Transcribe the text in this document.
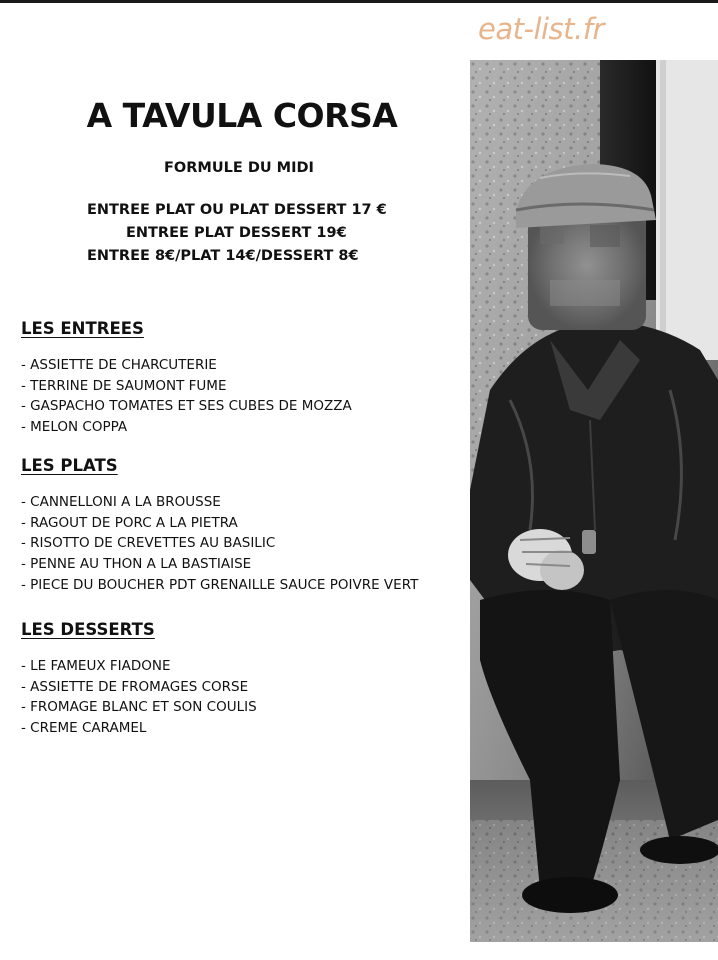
eat-list.fr
A TAVULA CORSA
FORMULE DU MIDI
ENTREE PLAT OU PLAT DESSERT 17 €
ENTREE PLAT DESSERT 19€
ENTREE 8€/PLAT 14€/DESSERT 8€
LES ENTREES
- ASSIETTE DE CHARCUTERIE
- TERRINE DE SAUMONT FUME
- GASPACHO TOMATES ET SES CUBES DE MOZZA
- MELON COPPA
LES PLATS
- CANNELLONI A LA BROUSSE
- RAGOUT DE PORC A LA PIETRA
- RISOTTO DE CREVETTES AU BASILIC
- PENNE AU THON A LA BASTIAISE
- PIECE DU BOUCHER PDT GRENAILLE SAUCE POIVRE VERT
LES DESSERTS
- LE FAMEUX FIADONE
- ASSIETTE DE FROMAGES CORSE
- FROMAGE BLANC ET SON COULIS
- CREME CARAMEL
